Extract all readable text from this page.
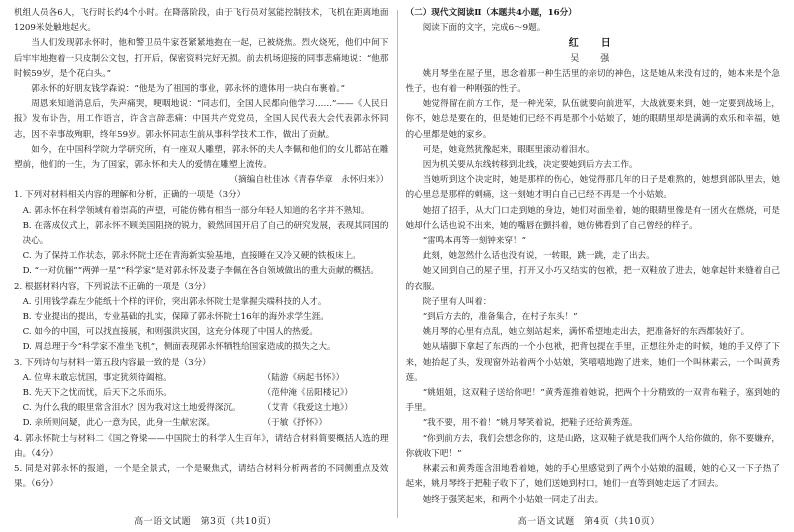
机组人员各6人，飞行时长约4个小时。在降落阶段，由于飞行员对氢能控制技术，飞机在距离地面1209米处触地起火。

当人们发现郭永怀时，他和警卫员牛家苍紧紧地抱在一起，已被烧焦。烈火烧死，他们中间下后牢牢地抱着一只皮制公文包，打开后，保密资料完好无损。前去机场迎接的同事悲痛地说：“他那时候59岁，是个花白头。”

郭永怀的好朋友钱学森说：“他是为了祖国的事业，郭永怀的遗体用一块白布裹着。”

周恩来知道消息后，失声痛哭，哽咽地说：“同志们，全国人民都向他学习……”——《人民日报》发布讣告，用工作语言，许含言辞悲痛：中国共产党党员，全国人民代表大会代表郭永怀同志，因不幸事故殉职，终年59岁。郭永怀同志生前从事科学技术工作，做出了贡献。

如今，在中国科学院力学研究所，有一座双人雕塑，郭永怀的夫人李佩和他们的女儿都站在雕塑前，他们的一生，为了国家，郭永怀和夫人的爱情在雕塑上流传。

（摘编自杜佳冰《青春华章　永怀归来》）

1. 下列对材料相关内容的理解和分析，正确的一项是（3分）

A. 郭永怀在科学领域有着崇高的声望，可能仿佛有相当一部分年轻人知道的名字并不熟知。

B. 在落成仪式上，郭永怀不顾美国阻挠的锐力，毅然回国开启了自己的研究发展，表现其同国的决心。

C. 为了保持工作状态，郭永怀院士还在青海新实验基地，直接睡在又冷又硬的铁板床上。

D. “一对伉俪”“两弹一星”“科学家”是对郭永怀及妻子李佩在各自领域做出的重大贡献的概括。

2. 根据材料内容，下列说法不正确的一项是（3分）

A. 引用钱学森左少能纸十个样的评价，突出郭永怀院士是掌握尖端科技的人才。

B. 专业提出的提出，专业基础的扎实，保障了郭永怀院士16年的海外求学生涯。

C. 如今的中国，可以找直接展，和则强洪灾国，这充分体现了中国人的热爱。

D. 周总理于今“科学家不准坐飞机”，侧面表现郭永怀牺牲给国家造成的损失之大。

3. 下列诗句与材料一第五段内容最一致的是（3分）

A. 位卑未敢忘忧国，事定犹须待阖棺。	（陆游《病起书怀》）
B. 先天下之忧而忧，后天下之乐而乐。	（范仲淹《岳阳楼记》）
C. 为什么我的眼里常含泪水？因为我对这土地爱得深沉。	（艾青《我爱这土地》）
D. 亲所则问疑，此心一意为民，此身一生献宏深。	（于敏《抒怀》）

4. 郭永怀院士与材料二《国之脊梁——中国院士的科学人生百年》，请结合材料简要概括人选的理由。（4分）

5. 同是对郭永怀的报道，一个是全景式，一个是聚焦式，请结合材料分析两者的不同侧重点及效果。（6分）

高一语文试题　第3页（共10页）

（二）现代文阅读Ⅱ（本题共4小题，16分）

阅读下面的文字，完成6～9题。

红　日

吴　强

姚月琴坐在屋子里，思念着那一种生活里的亲切的神色，这是她从来没有过的，她本来是个急性子，也有着一种刚强的性子。

她觉得留在前方工作，是一种光荣，队伍就要向前进军，大战就要来到，她一定要到战场上，你不，她总是要在的，但是她们已经不再是那个小姑娘了，她的眼睛里却是满满的欢乐和幸福，她的心里都是她的家乡。

可是，她竟然犹豫起来，眼眶里滚动着泪水。

因为机关要从东线转移到北线，决定要她到后方去工作。

当她听到这个决定时，她是那样的伤心，她觉得那几年的日子是难熬的，她想到部队里去，她的心里总是那样的刺痛，这一刻她才明白自己已经不再是一个小姑娘。

她招了招手，从大门口走到她的身边，她们对面坐着，她的眼睛里像是有一团火在燃烧，可是她却什么话也说不出来，她的嘴唇在颤抖着，她仿佛看到了自己曾经的样子。

“雷鸣本再等一刻钟来穿！”

此刻，她忽然什么话也没有说，一转眼，跳一跳，走了出去。

她又回到自己的屋子里，打开又小巧又结实的包袱，把一双鞋放了进去，她拿起针来缝着自己的衣服。

院子里有人叫着：

“到后方去的，准备集合，在村子东头！”

姚月琴的心里有点乱，她立刻站起来，满怀希望地走出去，把准备好的东西都装好了。

她从墙脚下拿起了东西的一个小包袱，把背包提在手里，正想往外走的时候，她的手又停了下来，她抬起了头，发现窗外站着两个小姑娘，笑嘻嘻地跑了进来，她们一个叫林素云，一个叫黄秀莲。

“姚姐姐，这双鞋子送给你吧！”黄秀莲推着她说，把两个十分精致的一双青布鞋子，塞到她的手里。

“我不要，用不着！”姚月琴笑着说，把鞋子还给黄秀莲。

“你到前方去，我们会想念你的，这是山路，这双鞋子就是我们两个人给你做的，你不要嫌弃，你就收下吧！”

林素云和黄秀莲含泪地看着她，她的手心里感觉到了两个小姑娘的温暖，她的心又一下子热了起来，姚月琴终于把鞋子收下了，她们送她到村口，她们一直等到她走远了才回去。

她终于强笑起来，和两个小姑娘一同走了出去。

高一语文试题　第4页（共10页）
